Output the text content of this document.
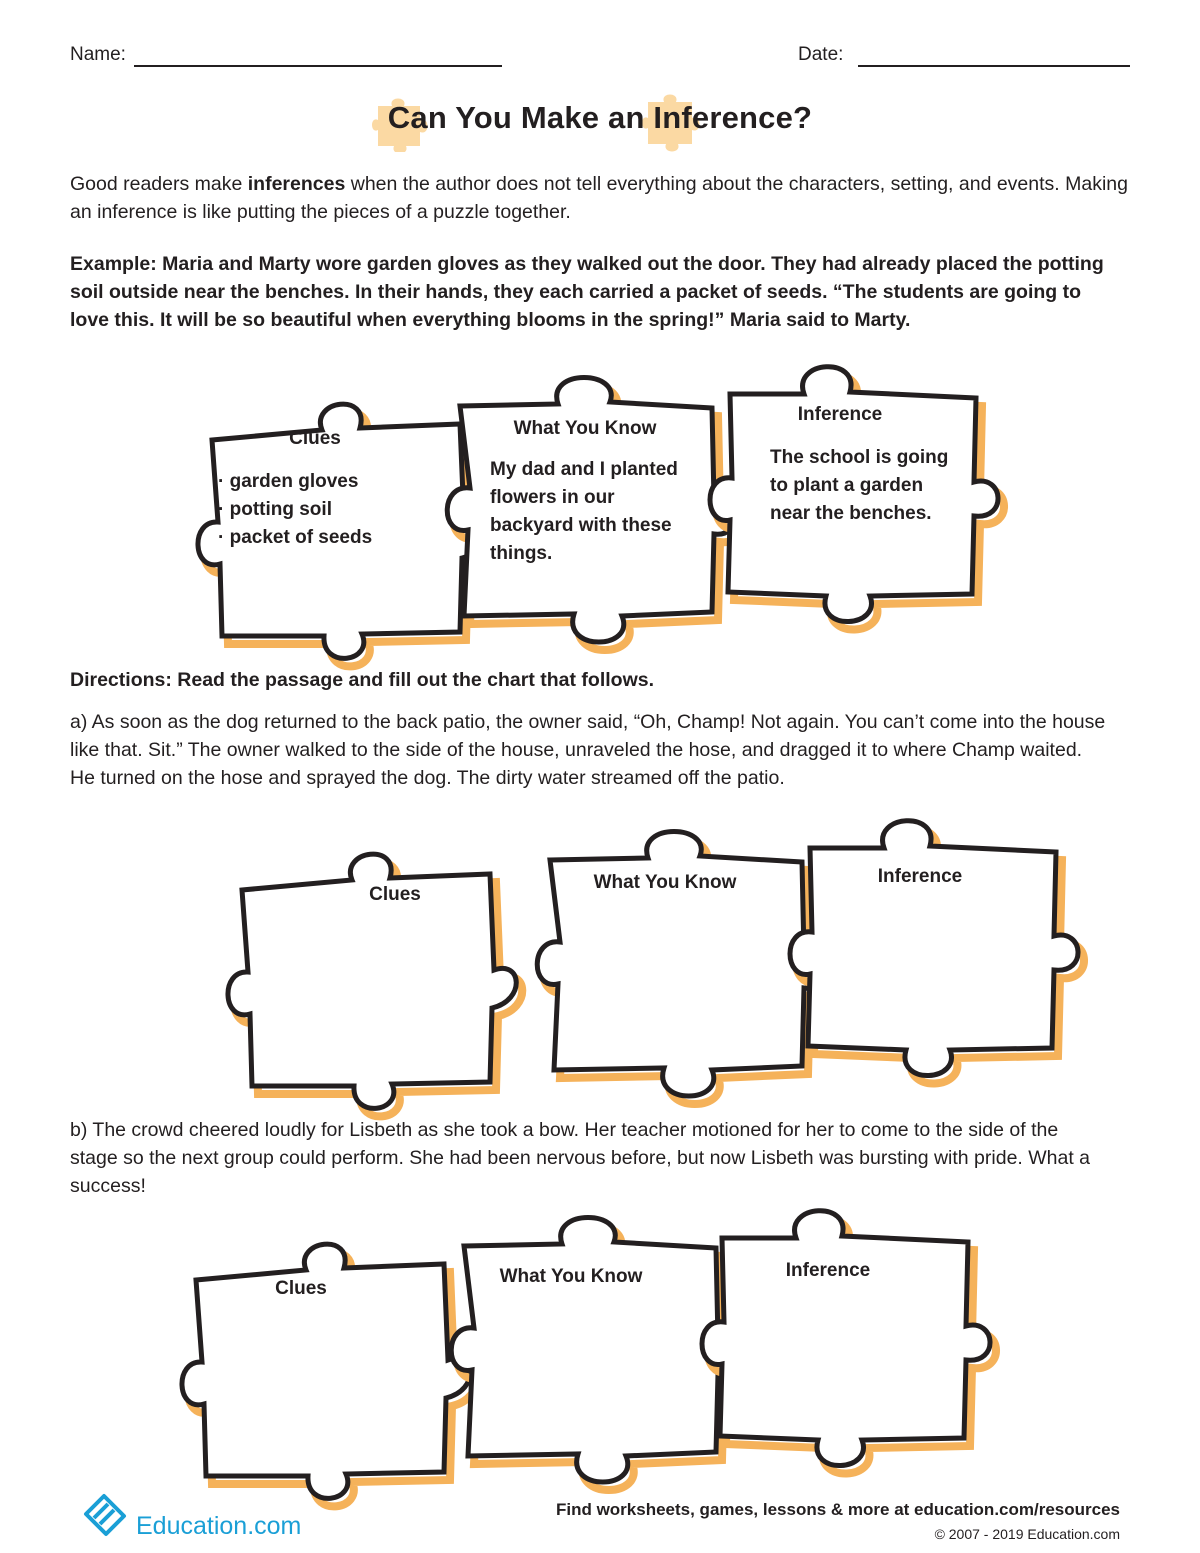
Name:	Date:
Can You Make an Inference?
Good readers make inferences when the author does not tell everything about the characters, setting, and events. Making an inference is like putting the pieces of a puzzle together.
Example: Maria and Marty wore garden gloves as they walked out the door. They had already placed the potting soil outside near the benches. In their hands, they each carried a packet of seeds. “The students are going to love this. It will be so beautiful when everything blooms in the spring!” Maria said to Marty.
Clues
· garden gloves
· potting soil
· packet of seeds
What You Know
My dad and I planted flowers in our backyard with these things.
Inference
The school is going to plant a garden near the benches.
Directions: Read the passage and fill out the chart that follows.
a) As soon as the dog returned to the back patio, the owner said, “Oh, Champ! Not again. You can’t come into the house like that. Sit.” The owner walked to the side of the house, unraveled the hose, and dragged it to where Champ waited. He turned on the hose and sprayed the dog. The dirty water streamed off the patio.
Clues
What You Know	Inference
b) The crowd cheered loudly for Lisbeth as she took a bow. Her teacher motioned for her to come to the side of the stage so the next group could perform. She had been nervous before, but now Lisbeth was bursting with pride. What a success!
Clues
What You Know	Inference
Education.com
Find worksheets, games, lessons & more at education.com/resources
© 2007 - 2019 Education.com
